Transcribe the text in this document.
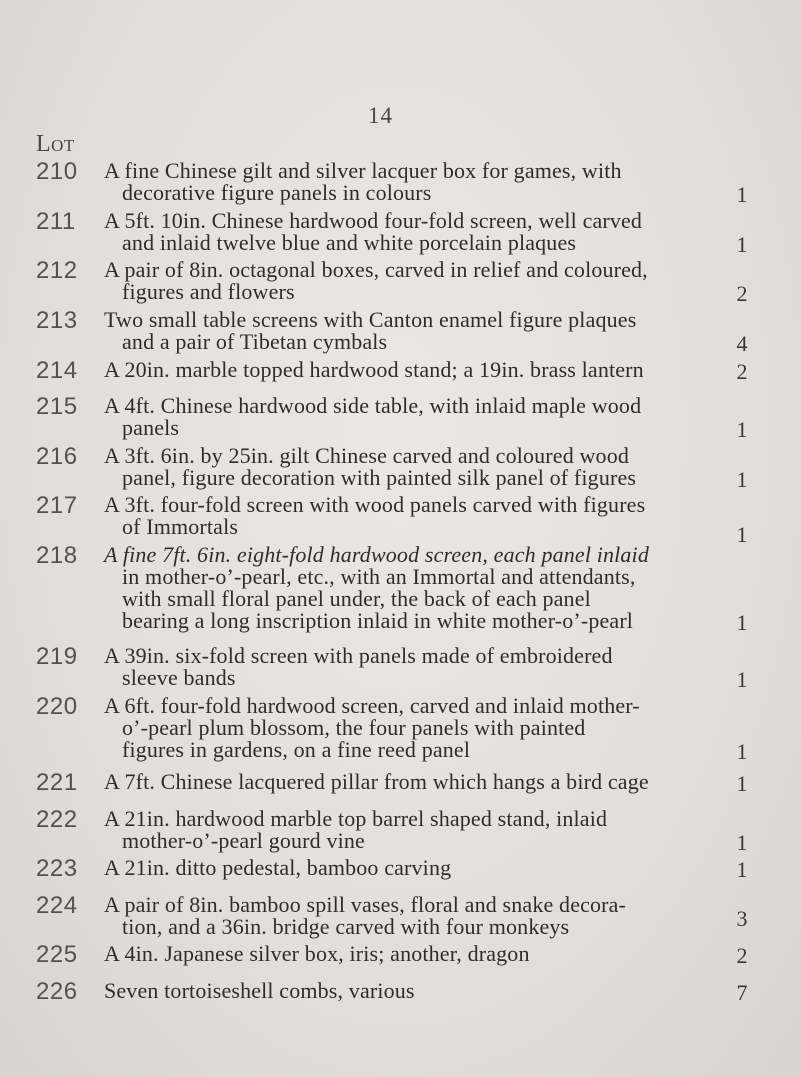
14
Lot
210 A fine Chinese gilt and silver lacquer box for games, with
decorative figure panels in colours	1
211 A 5ft. 10in. Chinese hardwood four-fold screen, well carved
and inlaid twelve blue and white porcelain plaques	1
212 A pair of 8in. octagonal boxes, carved in relief and coloured,
figures and flowers	2
213 Two small table screens with Canton enamel figure plaques
and a pair of Tibetan cymbals	4
214 A 20in. marble topped hardwood stand; a 19in. brass lantern	2
215 A 4ft. Chinese hardwood side table, with inlaid maple wood
panels	1
216 A 3ft. 6in. by 25in. gilt Chinese carved and coloured wood
panel, figure decoration with painted silk panel of figures	1
217 A 3ft. four-fold screen with wood panels carved with figures
of Immortals	1
218 A fine 7ft. 6in. eight-fold hardwood screen, each panel inlaid
in mother-o’-pearl, etc., with an Immortal and attendants,
with small floral panel under, the back of each panel
bearing a long inscription inlaid in white mother-o’-pearl	1
219 A 39in. six-fold screen with panels made of embroidered
sleeve bands	1
220 A 6ft. four-fold hardwood screen, carved and inlaid mother-
o’-pearl plum blossom, the four panels with painted
figures in gardens, on a fine reed panel	1
221 A 7ft. Chinese lacquered pillar from which hangs a bird cage	1
222 A 21in. hardwood marble top barrel shaped stand, inlaid
mother-o’-pearl gourd vine	1
223 A 21in. ditto pedestal, bamboo carving	1
224 A pair of 8in. bamboo spill vases, floral and snake decora-
tion, and a 36in. bridge carved with four monkeys	3
225 A 4in. Japanese silver box, iris; another, dragon	2
226 Seven tortoiseshell combs, various	7
